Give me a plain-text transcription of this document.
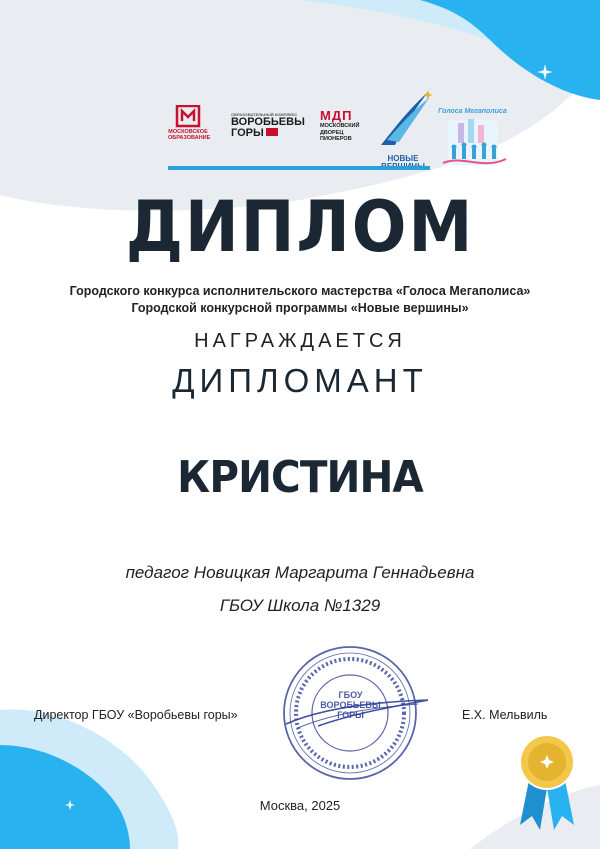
МОСКОВСКОЕ
ОБРАЗОВАНИЕ
ОБРАЗОВАТЕЛЬНЫЙ КОМПЛЕКС
ВОРОБЬЕВЫ
ГОРЫ
МДП
МОСКОВСКИЙ
ДВОРЕЦ
ПИОНЕРОВ
НОВЫЕ
Голоса Мегаполиса
ДИПЛОМ
Городского конкурса исполнительского мастерства «Голоса Мегаполиса»
Городской конкурсной программы «Новые вершины»
НАГРАЖДАЕТСЯ
ДИПЛОМАНТ
КРИСТИНА
педагог Новицкая Маргарита Геннадьевна
ГБОУ Школа №1329
Директор ГБОУ «Воробьевы горы»	Е.Х. Мельвиль
ГБОУ
ВОРОБЬЕВЫ
ГОРЫ
Москва, 2025
